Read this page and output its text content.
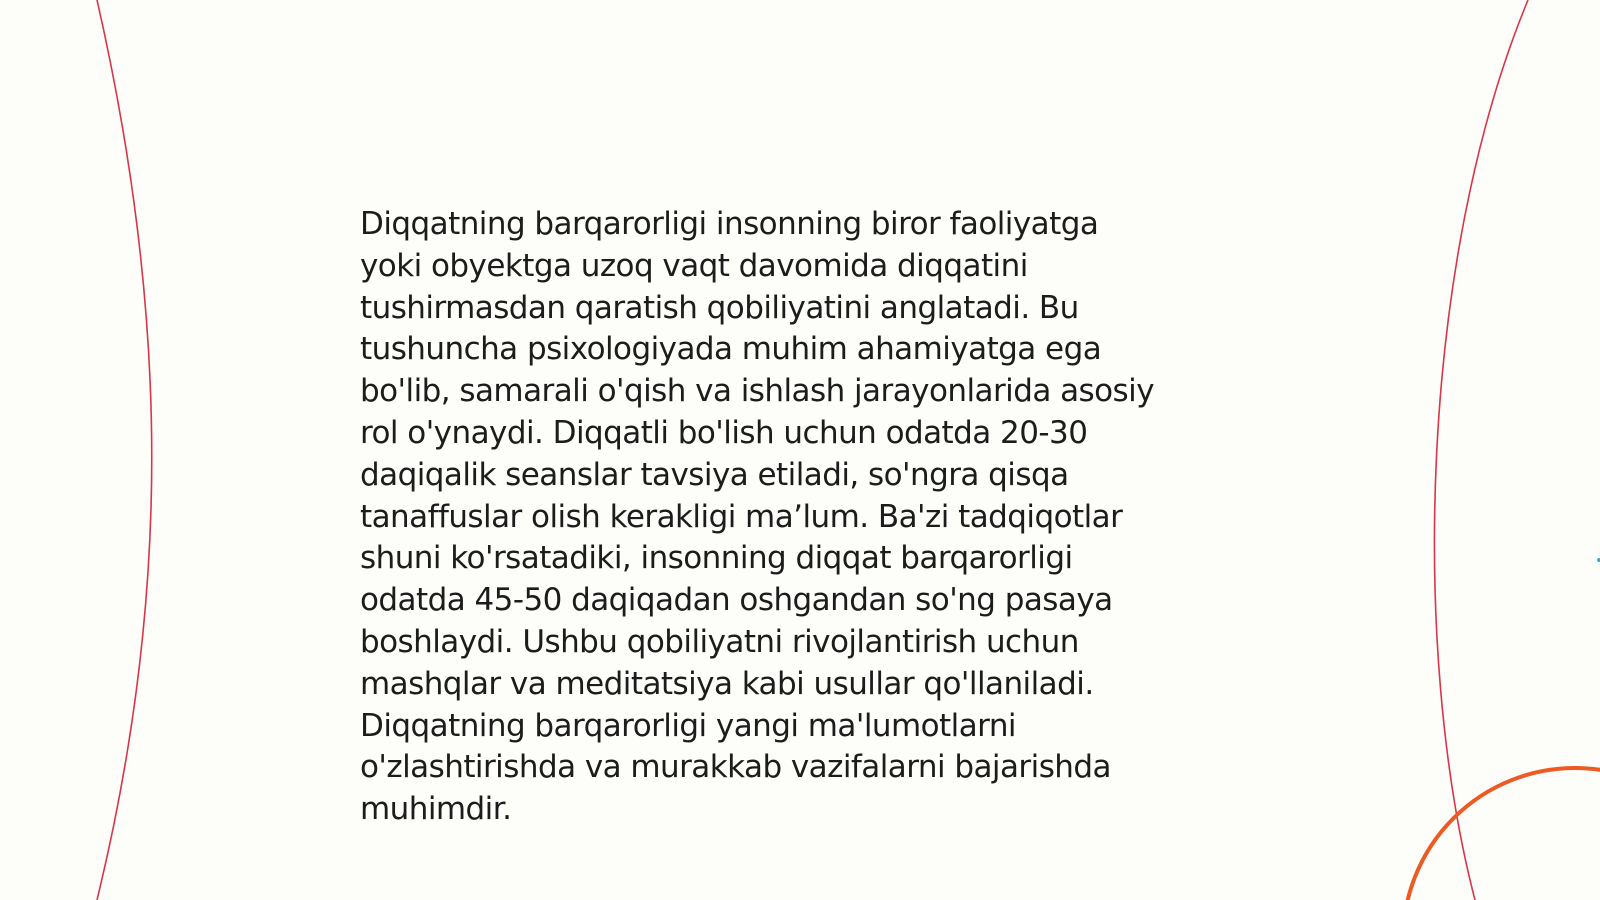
Diqqatning barqarorligi insonning biror faoliyatga
yoki obyektga uzoq vaqt davomida diqqatini
tushirmasdan qaratish qobiliyatini anglatadi. Bu
tushuncha psixologiyada muhim ahamiyatga ega
bo'lib, samarali o'qish va ishlash jarayonlarida asosiy
rol o'ynaydi. Diqqatli bo'lish uchun odatda 20-30
daqiqalik seanslar tavsiya etiladi, so'ngra qisqa
tanaffuslar olish kerakligi ma’lum. Ba'zi tadqiqotlar
shuni ko'rsatadiki, insonning diqqat barqarorligi
odatda 45-50 daqiqadan oshgandan so'ng pasaya
boshlaydi. Ushbu qobiliyatni rivojlantirish uchun
mashqlar va meditatsiya kabi usullar qo'llaniladi.
Diqqatning barqarorligi yangi ma'lumotlarni
o'zlashtirishda va murakkab vazifalarni bajarishda
muhimdir.
